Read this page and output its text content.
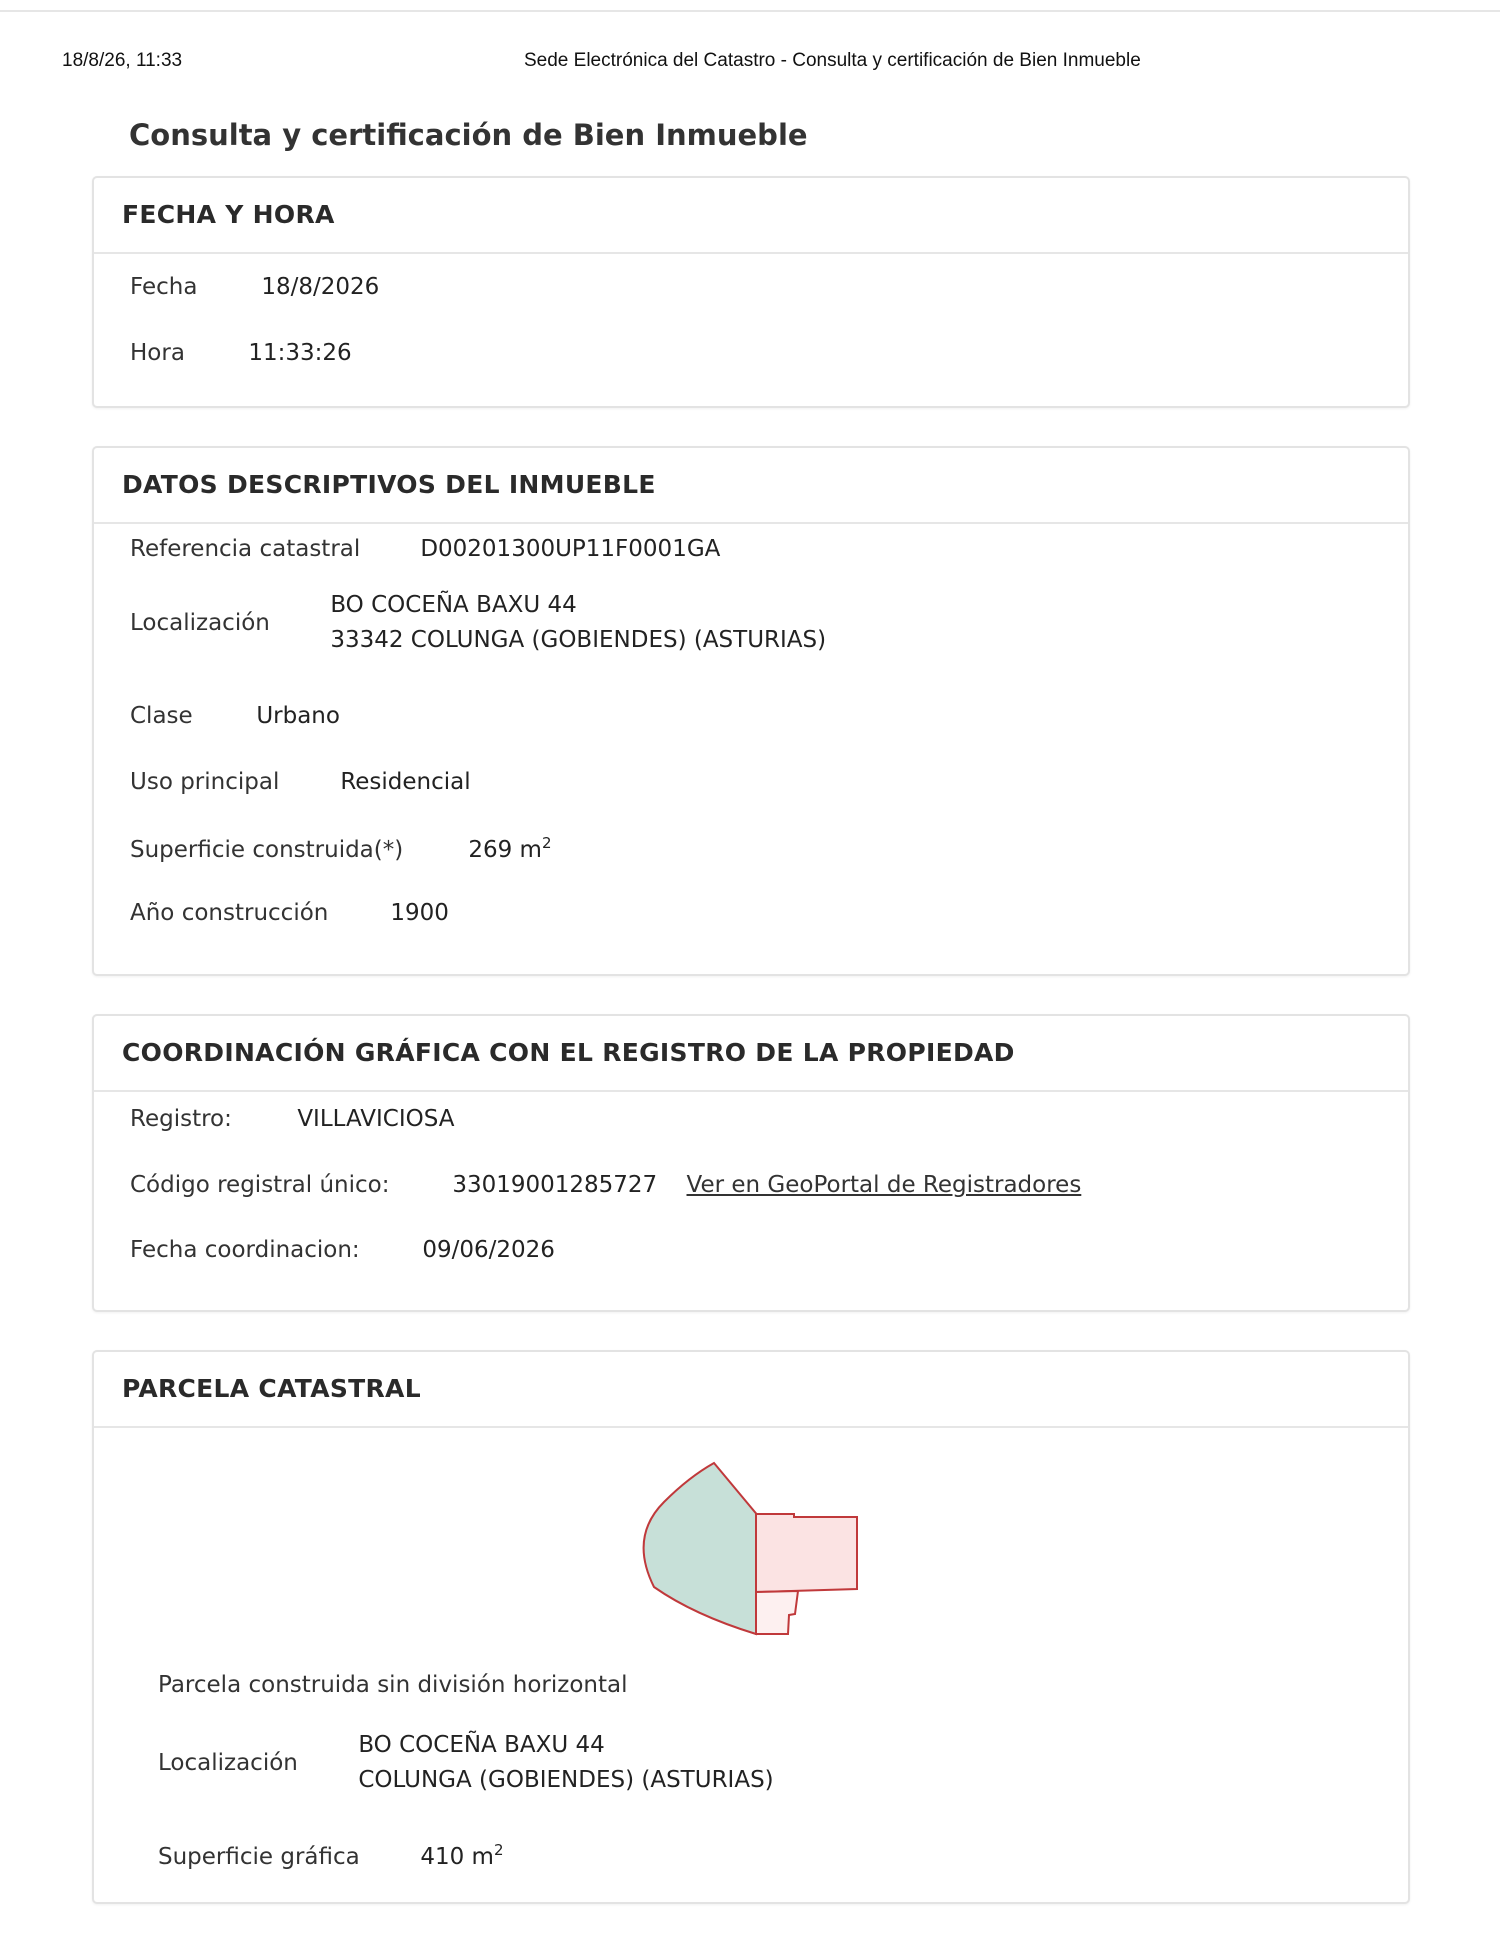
18/8/26, 11:33	Sede Electrónica del Catastro - Consulta y certificación de Bien Inmueble
Consulta y certificación de Bien Inmueble
FECHA Y HORA
Fecha	18/8/2026
Hora	11:33:26
DATOS DESCRIPTIVOS DEL INMUEBLE
Referencia catastral	D00201300UP11F0001GA
Localización
BO COCEÑA BAXU 44
33342 COLUNGA (GOBIENDES) (ASTURIAS)
Clase	Urbano
Uso principal	Residencial
Superficie construida(*)	269 $m^2$
Año construcción	1900
COORDINACIÓN GRÁFICA CON EL REGISTRO DE LA PROPIEDAD
Registro:	VILLAVICIOSA
Código registral único:	33019001285727 Ver en GeoPortal de Registradores
Fecha coordinacion:	09/06/2026
PARCELA CATASTRAL
Parcela construida sin división horizontal
Localización
BO COCEÑA BAXU 44
COLUNGA (GOBIENDES) (ASTURIAS)
Superficie gráfica	410 $m^2$
